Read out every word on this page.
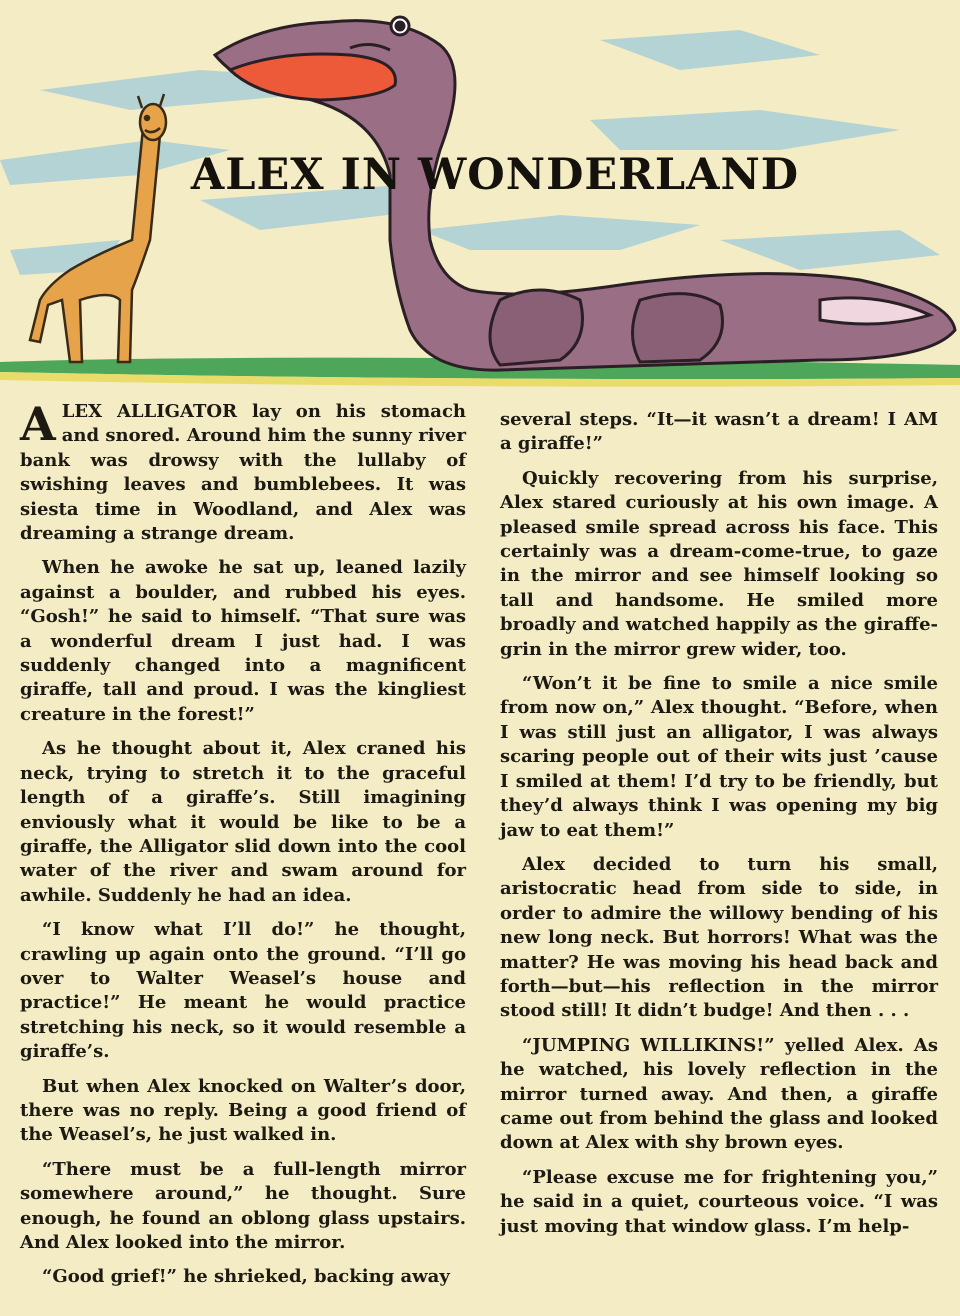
ALEX IN WONDERLAND

ALEX ALLIGATOR lay on his stomach and snored. Around him the sunny river bank was drowsy with the lullaby of swishing leaves and bumblebees. It was siesta time in Woodland, and Alex was dreaming a strange dream.

When he awoke he sat up, leaned lazily against a boulder, and rubbed his eyes. “Gosh!” he said to himself. “That sure was a wonderful dream I just had. I was suddenly changed into a magnificent giraffe, tall and proud. I was the kingliest creature in the forest!”

As he thought about it, Alex craned his neck, trying to stretch it to the graceful length of a giraffe’s. Still imagining enviously what it would be like to be a giraffe, the Alligator slid down into the cool water of the river and swam around for awhile. Suddenly he had an idea.

“I know what I’ll do!” he thought, crawling up again onto the ground. “I’ll go over to Walter Weasel’s house and practice!” He meant he would practice stretching his neck, so it would resemble a giraffe’s.

But when Alex knocked on Walter’s door, there was no reply. Being a good friend of the Weasel’s, he just walked in.

“There must be a full-length mirror somewhere around,” he thought. Sure enough, he found an oblong glass upstairs. And Alex looked into the mirror.

“Good grief!” he shrieked, backing away

several steps. “It—it wasn’t a dream! I AM a giraffe!”

Quickly recovering from his surprise, Alex stared curiously at his own image. A pleased smile spread across his face. This certainly was a dream-come-true, to gaze in the mirror and see himself looking so tall and handsome. He smiled more broadly and watched happily as the giraffe-grin in the mirror grew wider, too.

“Won’t it be fine to smile a nice smile from now on,” Alex thought. “Before, when I was still just an alligator, I was always scaring people out of their wits just ’cause I smiled at them! I’d try to be friendly, but they’d always think I was opening my big jaw to eat them!”

Alex decided to turn his small, aristocratic head from side to side, in order to admire the willowy bending of his new long neck. But horrors! What was the matter? He was moving his head back and forth—but—his reflection in the mirror stood still! It didn’t budge! And then . . .

“JUMPING WILLIKINS!” yelled Alex. As he watched, his lovely reflection in the mirror turned away. And then, a giraffe came out from behind the glass and looked down at Alex with shy brown eyes.

“Please excuse me for frightening you,” he said in a quiet, courteous voice. “I was just moving that window glass. I’m help-
